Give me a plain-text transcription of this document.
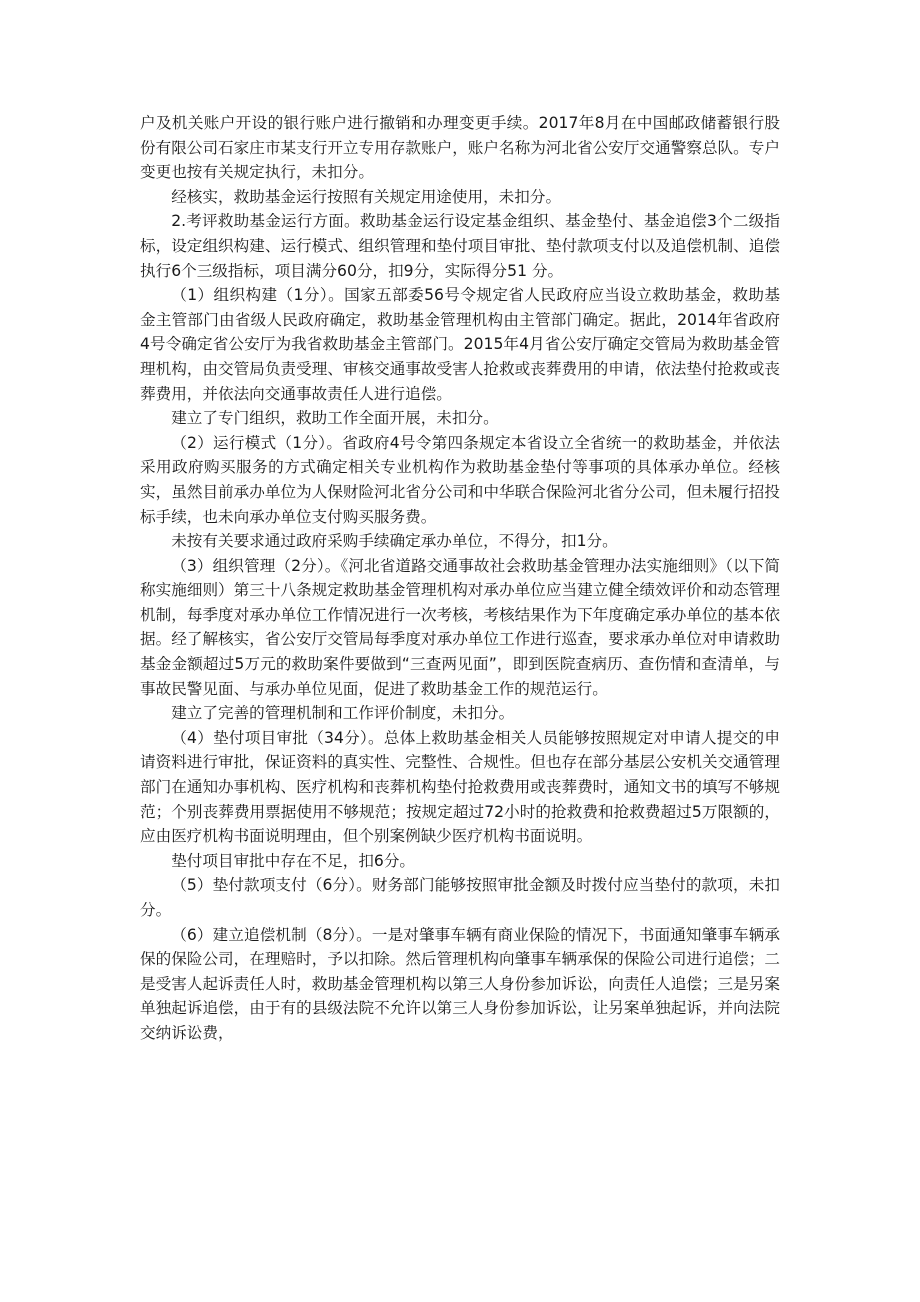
户及机关账户开设的银行账户进行撤销和办理变更手续。2017年8月在中国邮政储蓄银行股份有限公司石家庄市某支行开立专用存款账户，账户名称为河北省公安厅交通警察总队。专户变更也按有关规定执行，未扣分。

经核实，救助基金运行按照有关规定用途使用，未扣分。

2.考评救助基金运行方面。救助基金运行设定基金组织、基金垫付、基金追偿3个二级指标，设定组织构建、运行模式、组织管理和垫付项目审批、垫付款项支付以及追偿机制、追偿执行6个三级指标，项目满分60分，扣9分，实际得分51 分。

（1）组织构建（1分）。国家五部委56号令规定省人民政府应当设立救助基金，救助基金主管部门由省级人民政府确定，救助基金管理机构由主管部门确定。据此，2014年省政府4号令确定省公安厅为我省救助基金主管部门。2015年4月省公安厅确定交管局为救助基金管理机构，由交管局负责受理、审核交通事故受害人抢救或丧葬费用的申请，依法垫付抢救或丧葬费用，并依法向交通事故责任人进行追偿。

建立了专门组织，救助工作全面开展，未扣分。

（2）运行模式（1分）。省政府4号令第四条规定本省设立全省统一的救助基金，并依法采用政府购买服务的方式确定相关专业机构作为救助基金垫付等事项的具体承办单位。经核实，虽然目前承办单位为人保财险河北省分公司和中华联合保险河北省分公司，但未履行招投标手续，也未向承办单位支付购买服务费。

未按有关要求通过政府采购手续确定承办单位，不得分，扣1分。

（3）组织管理（2分）。《河北省道路交通事故社会救助基金管理办法实施细则》（以下简称实施细则）第三十八条规定救助基金管理机构对承办单位应当建立健全绩效评价和动态管理机制，每季度对承办单位工作情况进行一次考核，考核结果作为下年度确定承办单位的基本依据。经了解核实，省公安厅交管局每季度对承办单位工作进行巡查，要求承办单位对申请救助基金金额超过5万元的救助案件要做到“三查两见面”，即到医院查病历、查伤情和查清单，与事故民警见面、与承办单位见面，促进了救助基金工作的规范运行。

建立了完善的管理机制和工作评价制度，未扣分。

（4）垫付项目审批（34分）。总体上救助基金相关人员能够按照规定对申请人提交的申请资料进行审批，保证资料的真实性、完整性、合规性。但也存在部分基层公安机关交通管理部门在通知办事机构、医疗机构和丧葬机构垫付抢救费用或丧葬费时，通知文书的填写不够规范；个别丧葬费用票据使用不够规范；按规定超过72小时的抢救费和抢救费超过5万限额的，应由医疗机构书面说明理由，但个别案例缺少医疗机构书面说明。

垫付项目审批中存在不足，扣6分。

（5）垫付款项支付（6分）。财务部门能够按照审批金额及时拨付应当垫付的款项，未扣分。

（6）建立追偿机制（8分）。一是对肇事车辆有商业保险的情况下，书面通知肇事车辆承保的保险公司，在理赔时，予以扣除。然后管理机构向肇事车辆承保的保险公司进行追偿；二是受害人起诉责任人时，救助基金管理机构以第三人身份参加诉讼，向责任人追偿；三是另案单独起诉追偿，由于有的县级法院不允许以第三人身份参加诉讼，让另案单独起诉，并向法院交纳诉讼费，
